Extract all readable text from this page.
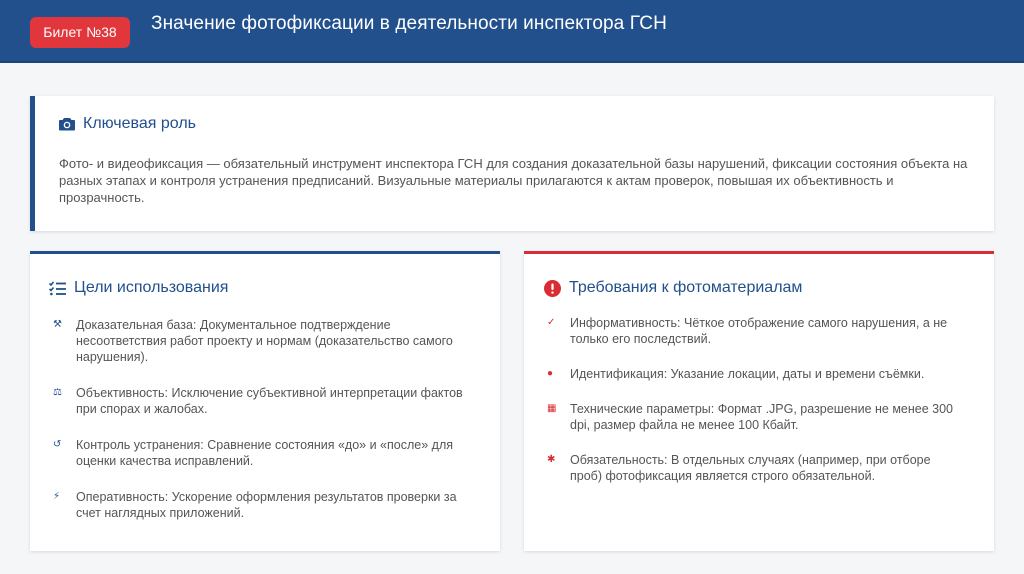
Билет №38	Значение фотофиксации в деятельности инспектора ГСН
Ключевая роль

Фото- и видеофиксация — обязательный инструмент инспектора ГСН для создания доказательной базы нарушений, фиксации состояния объекта на разных этапах и контроля устранения предписаний. Визуальные материалы прилагаются к актам проверок, повышая их объективность и прозрачность.

Цели использования
⚒	Доказательная база: Документальное подтверждение несоответствия работ проекту и нормам (доказательство самого нарушения).
⚖	Объективность: Исключение субъективной интерпретации фактов при спорах и жалобах.
↺	Контроль устранения: Сравнение состояния «до» и «после» для оценки качества исправлений.
⚡	Оперативность: Ускорение оформления результатов проверки за счет наглядных приложений.
Требования к фотоматериалам
✓	Информативность: Чёткое отображение самого нарушения, а не только его последствий.
●	Идентификация: Указание локации, даты и времени съёмки.
▦	Технические параметры: Формат .JPG, разрешение не менее 300 dpi, размер файла не менее 100 Кбайт.
✱	Обязательность: В отдельных случаях (например, при отборе проб) фотофиксация является строго обязательной.
